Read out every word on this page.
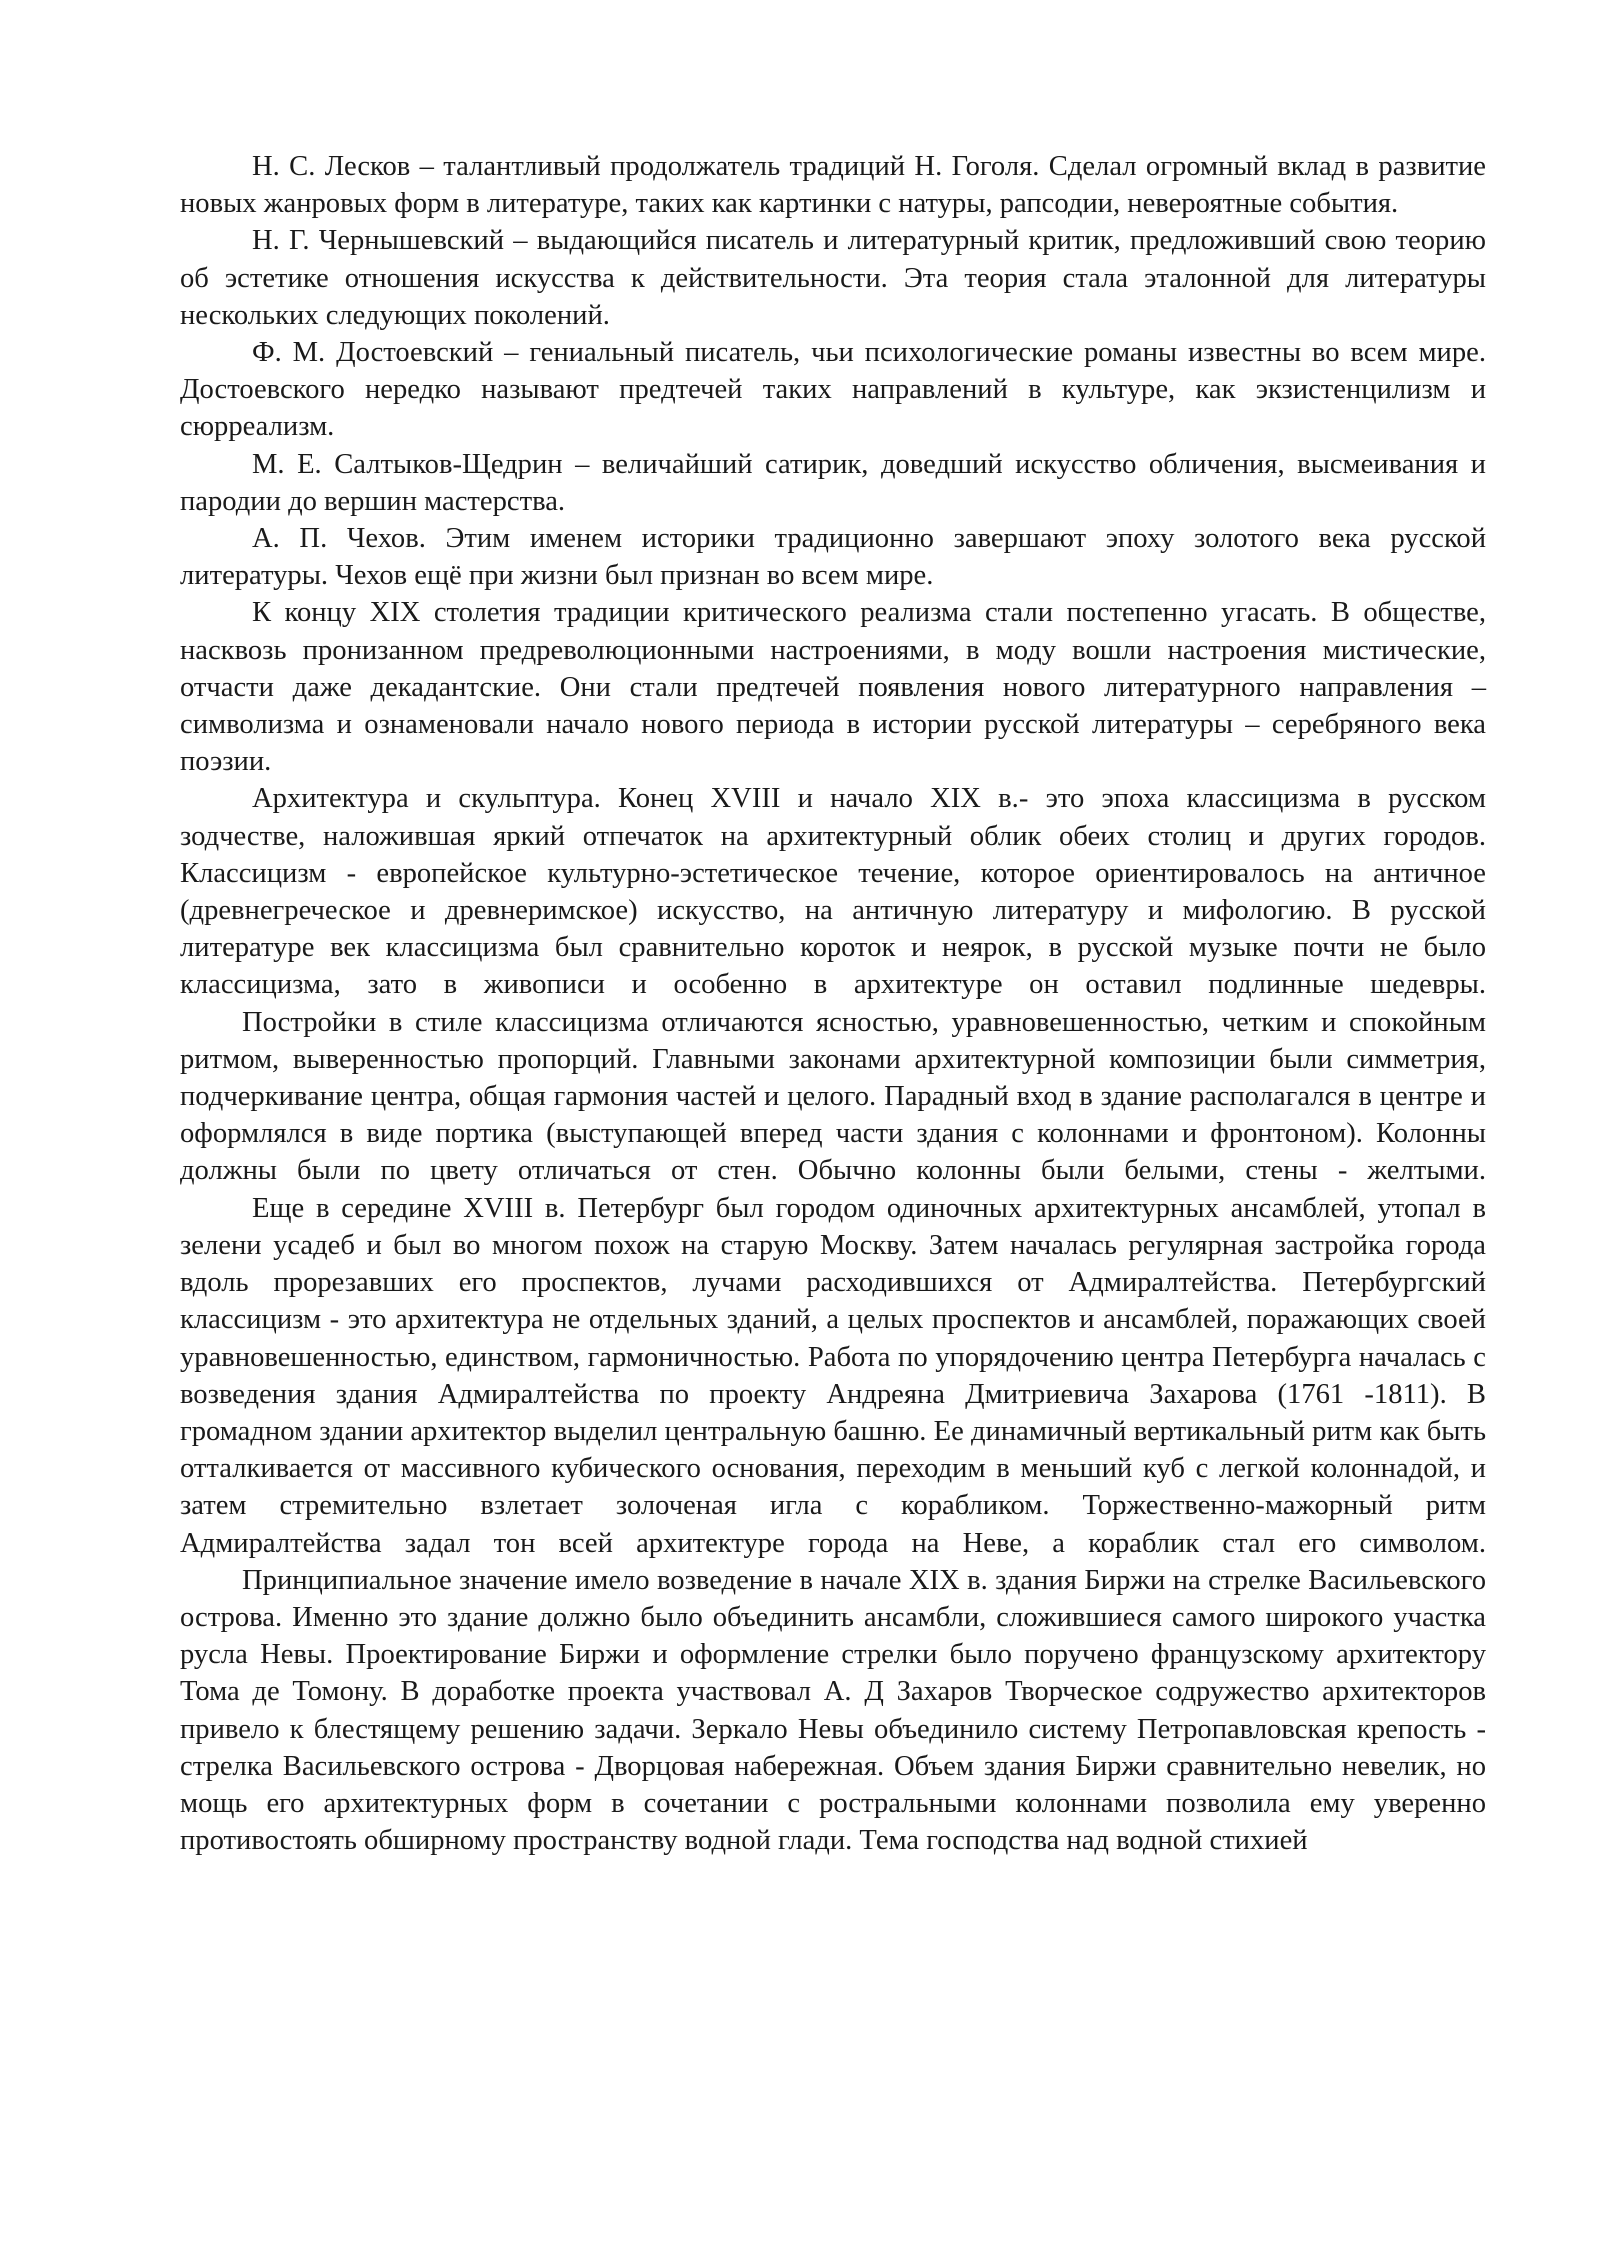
Н. С. Лесков – талантливый продолжатель традиций Н. Гоголя. Сделал огромный вклад в развитие новых жанровых форм в литературе, таких как картинки с натуры, рапсодии, невероятные события.

Н. Г. Чернышевский – выдающийся писатель и литературный критик, предложивший свою теорию об эстетике отношения искусства к действительности. Эта теория стала эталонной для литературы нескольких следующих поколений.

Ф. М. Достоевский – гениальный писатель, чьи психологические романы известны во всем мире. Достоевского нередко называют предтечей таких направлений в культуре, как экзистенцилизм и сюрреализм.

М. Е. Салтыков-Щедрин – величайший сатирик, доведший искусство обличения, высмеивания и пародии до вершин мастерства.

А. П. Чехов. Этим именем историки традиционно завершают эпоху золотого века русской литературы. Чехов ещё при жизни был признан во всем мире.

К концу XIX столетия традиции критического реализма стали постепенно угасать. В обществе, насквозь пронизанном предреволюционными настроениями, в моду вошли настроения мистические, отчасти даже декадантские. Они стали предтечей появления нового литературного направления – символизма и ознаменовали начало нового периода в истории русской литературы – серебряного века поэзии.

Архитектура и скульптура. Конец XVIII и начало XIX в.- это эпоха классицизма в русском зодчестве, наложившая яркий отпечаток на архитектурный облик обеих столиц и других городов. Классицизм - европейское культурно-эстетическое течение, которое ориентировалось на античное (древнегреческое и древнеримское) искусство, на античную литературу и мифологию. В русской литературе век классицизма был сравнительно короток и неярок, в русской музыке почти не было классицизма, зато в живописи и особенно в архитектуре он оставил подлинные шедевры.

Постройки в стиле классицизма отличаются ясностью, уравновешенностью, четким и спокойным ритмом, выверенностью пропорций. Главными законами архитектурной композиции были симметрия, подчеркивание центра, общая гармония частей и целого. Парадный вход в здание располагался в центре и оформлялся в виде портика (выступающей вперед части здания с колоннами и фронтоном). Колонны должны были по цвету отличаться от стен. Обычно колонны были белыми, стены - желтыми.

Еще в середине XVIII в. Петербург был городом одиночных архитектурных ансамблей, утопал в зелени усадеб и был во многом похож на старую Москву. Затем началась регулярная застройка города вдоль прорезавших его проспектов, лучами расходившихся от Адмиралтейства. Петербургский классицизм - это архитектура не отдельных зданий, а целых проспектов и ансамблей, поражающих своей уравновешенностью, единством, гармоничностью. Работа по упорядочению центра Петербурга началась с возведения здания Адмиралтейства по проекту Андреяна Дмитриевича Захарова (1761 -1811). В громадном здании архитектор выделил центральную башню. Ее динамичный вертикальный ритм как быть отталкивается от массивного кубического основания, переходим в меньший куб с легкой колоннадой, и затем стремительно взлетает золоченая игла с корабликом. Торжественно-мажорный ритм Адмиралтейства задал тон всей архитектуре города на Неве, а кораблик стал его символом.

Принципиальное значение имело возведение в начале XIX в. здания Биржи на стрелке Васильевского острова. Именно это здание должно было объединить ансамбли, сложившиеся самого широкого участка русла Невы. Проектирование Биржи и оформление стрелки было поручено французскому архитектору Тома де Томону. В доработке проекта участвовал А. Д Захаров Творческое содружество архитекторов привело к блестящему решению задачи. Зеркало Невы объединило систему Петропавловская крепость - стрелка Васильевского острова - Дворцовая набережная. Объем здания Биржи сравнительно невелик, но мощь его архитектурных форм в сочетании с ростральными колоннами позволила ему уверенно противостоять обширному пространству водной глади. Тема господства над водной стихией
